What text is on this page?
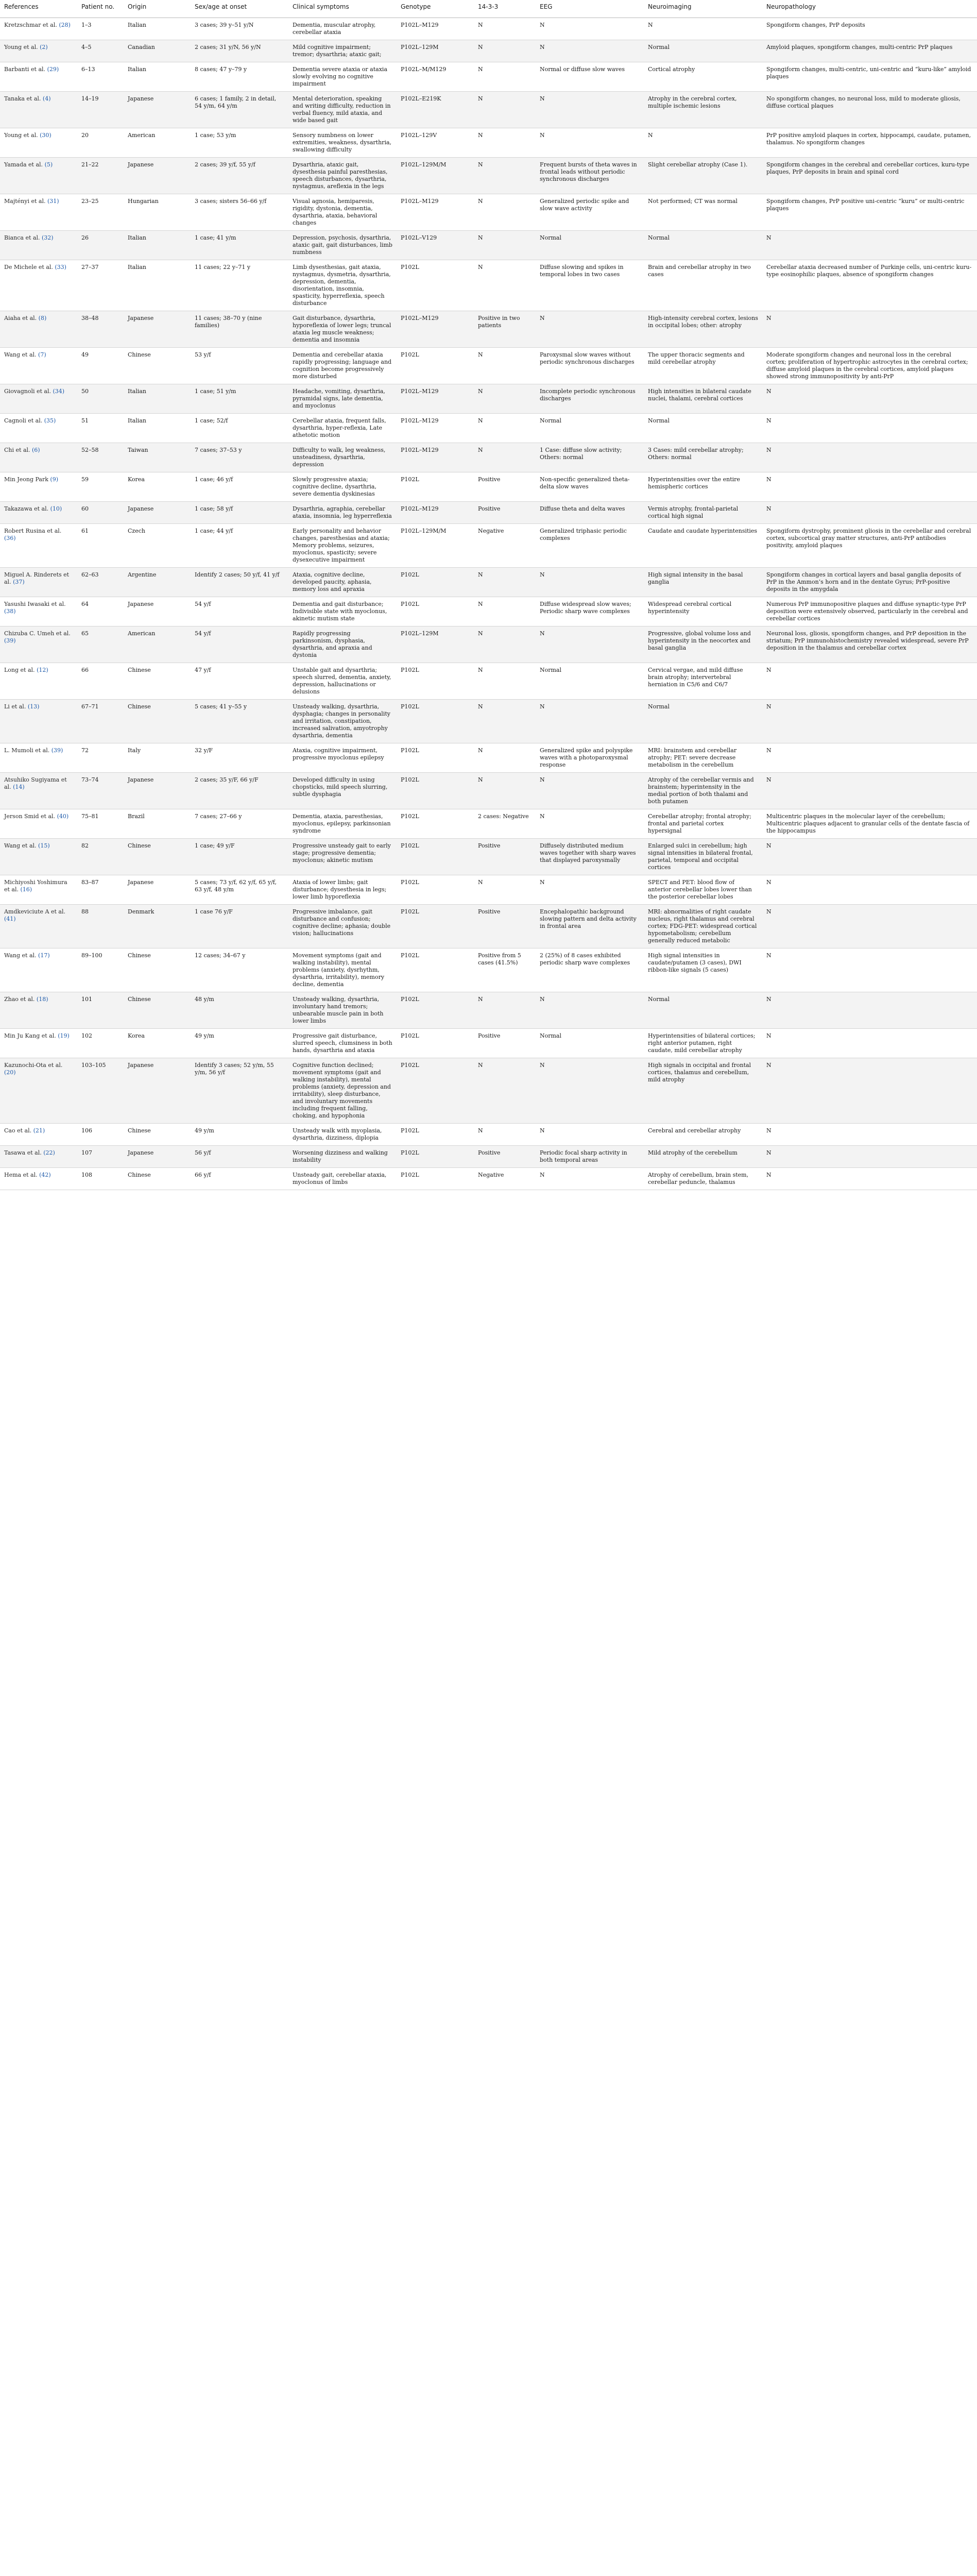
References	Patient no.	Origin	Sex/age at onset	Clinical symptoms	Genotype	14-3-3	EEG	Neuroimaging	Neuropathology
Kretzschmar et al. (28)	1–3	Italian	3 cases; 39 y–51 y/N	Dementia, muscular atrophy, cerebellar ataxia	P102L–M129	N	N	N	Spongiform changes, PrP deposits
Young et al. (2)	4–5	Canadian	2 cases; 31 y/N, 56 y/N	Mild cognitive impairment; tremor; dysarthria; ataxic gait;	P102L–129M	N	N	Normal	Amyloid plaques, spongiform changes, multi-centric PrP plaques
Barbanti et al. (29)	6–13	Italian	8 cases; 47 y–79 y	Dementia severe ataxia or ataxia slowly evolving no cognitive impairment	P102L–M/M129	N	Normal or diffuse slow waves	Cortical atrophy	Spongiform changes, multi-centric, uni-centric and “kuru-like” amyloid plaques
Tanaka et al. (4)	14–19	Japanese	6 cases; 1 family, 2 in detail, 54 y/m, 64 y/m	Mental deterioration, speaking and writing difficulty, reduction in verbal fluency, mild ataxia, and wide based gait	P102L–E219K	N	N	Atrophy in the cerebral cortex, multiple ischemic lesions	No spongiform changes, no neuronal loss, mild to moderate gliosis, diffuse cortical plaques
Young et al. (30)	20	American	1 case; 53 y/m	Sensory numbness on lower extremities, weakness, dysarthria, swallowing difficulty	P102L–129V	N	N	N	PrP positive amyloid plaques in cortex, hippocampi, caudate, putamen, thalamus. No spongiform changes
Yamada et al. (5)	21–22	Japanese	2 cases; 39 y/f, 55 y/f	Dysarthria, ataxic gait, dysesthesia painful paresthesias, speech disturbances, dysarthria, nystagmus, areflexia in the legs	P102L–129M/M	N	Frequent bursts of theta waves in frontal leads without periodic synchronous discharges	Slight cerebellar atrophy (Case 1).	Spongiform changes in the cerebral and cerebellar cortices, kuru-type plaques, PrP deposits in brain and spinal cord
Majtényi et al. (31)	23–25	Hungarian	3 cases; sisters 56–66 y/f	Visual agnosia, hemiparesis, rigidity, dystonia, dementia, dysarthria, ataxia, behavioral changes	P102L–M129	N	Generalized periodic spike and slow wave activity	Not performed; CT was normal	Spongiform changes, PrP positive uni-centric “kuru” or multi-centric plaques
Bianca et al. (32)	26	Italian	1 case; 41 y/m	Depression, psychosis, dysarthria, ataxic gait, gait disturbances, limb numbness	P102L–V129	N	Normal	Normal	N
De Michele et al. (33)	27–37	Italian	11 cases; 22 y–71 y	Limb dysesthesias, gait ataxia, nystagmus, dysmetria, dysarthria, depression, dementia, disorientation, insomnia, spasticity, hyperreflexia, speech disturbance	P102L	N	Diffuse slowing and spikes in temporal lobes in two cases	Brain and cerebellar atrophy in two cases	Cerebellar ataxia decreased number of Purkinje cells, uni-centric kuru-type eosinophilic plaques, absence of spongiform changes
Aiaha et al. (8)	38–48	Japanese	11 cases; 38–70 y (nine families)	Gait disturbance, dysarthria, hyporeflexia of lower legs; truncal ataxia leg muscle weakness; dementia and insomnia	P102L–M129	Positive in two patients	N	High-intensity cerebral cortex, lesions in occipital lobes; other: atrophy	N
Wang et al. (7)	49	Chinese	53 y/f	Dementia and cerebellar ataxia rapidly progressing; language and cognition become progressively more disturbed	P102L	N	Paroxysmal slow waves without periodic synchronous discharges	The upper thoracic segments and mild cerebellar atrophy	Moderate spongiform changes and neuronal loss in the cerebral cortex; proliferation of hypertrophic astrocytes in the cerebral cortex; diffuse amyloid plaques in the cerebral cortices, amyloid plaques showed strong immunopositivity by anti-PrP
Giovagnoli et al. (34)	50	Italian	1 case; 51 y/m	Headache, vomiting, dysarthria, pyramidal signs, late dementia, and myoclonus	P102L–M129	N	Incomplete periodic synchronous discharges	High intensities in bilateral caudate nuclei, thalami, cerebral cortices	N
Cagnoli et al. (35)	51	Italian	1 case; 52/f	Cerebellar ataxia, frequent falls, dysarthria, hyper-reflexia, Late athetotic motion	P102L–M129	N	Normal	Normal	N
Chi et al. (6)	52–58	Taiwan	7 cases; 37–53 y	Difficulty to walk, leg weakness, unsteadiness, dysarthria, depression	P102L–M129	N	1 Case: diffuse slow activity; Others: normal	3 Cases: mild cerebellar atrophy; Others: normal	N
Min Jeong Park (9)	59	Korea	1 case; 46 y/f	Slowly progressive ataxia; cognitive decline, dysarthria, severe dementia dyskinesias	P102L	Positive	Non-specific generalized theta-delta slow waves	Hyperintensities over the entire hemispheric cortices	N
Takazawa et al. (10)	60	Japanese	1 case; 58 y/f	Dysarthria, agraphia, cerebellar ataxia, insomnia, leg hyperreflexia	P102L–M129	Positive	Diffuse theta and delta waves	Vermis atrophy, frontal-parietal cortical high signal	N
Robert Rusina et al. (36)	61	Czech	1 case; 44 y/f	Early personality and behavior changes, paresthesias and ataxia; Memory problems, seizures, myoclonus, spasticity; severe dysexecutive impairment	P102L–129M/M	Negative	Generalized triphasic periodic complexes	Caudate and caudate hyperintensities	Spongiform dystrophy, prominent gliosis in the cerebellar and cerebral cortex, subcortical gray matter structures, anti-PrP antibodies positivity, amyloid plaques
Miguel A. Rinderets et al. (37)	62–63	Argentine	Identify 2 cases; 50 y/f, 41 y/f	Ataxia, cognitive decline, developed paucity, aphasia, memory loss and apraxia	P102L	N	N	High signal intensity in the basal ganglia	Spongiform changes in cortical layers and basal ganglia deposits of PrP in the Ammon’s horn and in the dentate Gyrus; PrP-positive deposits in the amygdala
Yasushi Iwasaki et al. (38)	64	Japanese	54 y/f	Dementia and gait disturbance; Indivisible state with myoclonus, akinetic mutism state	P102L	N	Diffuse widespread slow waves; Periodic sharp wave complexes	Widespread cerebral cortical hyperintensity	Numerous PrP immunopositive plaques and diffuse synaptic-type PrP deposition were extensively observed, particularly in the cerebral and cerebellar cortices
Chizuba C. Umeh et al. (39)	65	American	54 y/f	Rapidly progressing parkinsonism, dysphasia, dysarthria, and apraxia and dystonia	P102L–129M	N	N	Progressive, global volume loss and hyperintensity in the neocortex and basal ganglia	Neuronal loss, gliosis, spongiform changes, and PrP deposition in the striatum; PrP immunohistochemistry revealed widespread, severe PrP deposition in the thalamus and cerebellar cortex
Long et al. (12)	66	Chinese	47 y/f	Unstable gait and dysarthria; speech slurred, dementia, anxiety, depression, hallucinations or delusions	P102L	N	Normal	Cervical vergae, and mild diffuse brain atrophy; intervertebral herniation in C5/6 and C6/7	N
Li et al. (13)	67–71	Chinese	5 cases; 41 y–55 y	Unsteady walking, dysarthria, dysphagia; changes in personality and irritation, constipation, increased salivation, amyotrophy dysarthria, dementia	P102L	N	N	Normal	N
L. Mumoli et al. (39)	72	Italy	32 y/F	Ataxia, cognitive impairment, progressive myoclonus epilepsy	P102L	N	Generalized spike and polyspike waves with a photoparoxysmal response	MRI: brainstem and cerebellar atrophy; PET: severe decrease metabolism in the cerebellum	N
Atsuhiko Sugiyama et al. (14)	73–74	Japanese	2 cases; 35 y/F, 66 y/F	Developed difficulty in using chopsticks, mild speech slurring, subtle dysphagia	P102L	N	N	Atrophy of the cerebellar vermis and brainstem; hyperintensity in the medial portion of both thalami and both putamen	N
Jerson Smid et al. (40)	75–81	Brazil	7 cases; 27–66 y	Dementia, ataxia, paresthesias, myoclonus, epilepsy, parkinsonian syndrome	P102L	2 cases: Negative	N	Cerebellar atrophy; frontal atrophy; frontal and parietal cortex hypersignal	Multicentric plaques in the molecular layer of the cerebellum; Multicentric plaques adjacent to granular cells of the dentate fascia of the hippocampus
Wang et al. (15)	82	Chinese	1 case; 49 y/F	Progressive unsteady gait to early stage; progressive dementia; myoclonus; akinetic mutism	P102L	Positive	Diffusely distributed medium waves together with sharp waves that displayed paroxysmally	Enlarged sulci in cerebellum; high signal intensities in bilateral frontal, parietal, temporal and occipital cortices	N
Michiyoshi Yoshimura et al. (16)	83–87	Japanese	5 cases; 73 y/f, 62 y/f, 65 y/f, 63 y/f, 48 y/m	Ataxia of lower limbs; gait disturbance; dysesthesia in legs; lower limb hyporeflexia	P102L	N	N	SPECT and PET: blood flow of anterior cerebellar lobes lower than the posterior cerebellar lobes	N
Amdkeviciute A et al. (41)	88	Denmark	1 case 76 y/F	Progressive imbalance, gait disturbance and confusion; cognitive decline; aphasia; double vision; hallucinations	P102L	Positive	Encephalopathic background slowing pattern and delta activity in frontal area	MRI: abnormalities of right caudate nucleus, right thalamus and cerebral cortex; FDG-PET: widespread cortical hypometabolism; cerebellum generally reduced metabolic	N
Wang et al. (17)	89–100	Chinese	12 cases; 34–67 y	Movement symptoms (gait and walking instability), mental problems (anxiety, dysrhythm, dysarthria, irritability), memory decline, dementia	P102L	Positive from 5 cases (41.5%)	2 (25%) of 8 cases exhibited periodic sharp wave complexes	High signal intensities in caudate/putamen (3 cases), DWI ribbon-like signals (5 cases)	N
Zhao et al. (18)	101	Chinese	48 y/m	Unsteady walking, dysarthria, involuntary hand tremors; unbearable muscle pain in both lower limbs	P102L	N	N	Normal	N
Min Ju Kang et al. (19)	102	Korea	49 y/m	Progressive gait disturbance, slurred speech, clumsiness in both hands, dysarthria and ataxia	P102L	Positive	Normal	Hyperintensities of bilateral cortices; right anterior putamen, right caudate, mild cerebellar atrophy	N
Kazunochi-Ota et al. (20)	103–105	Japanese	Identify 3 cases; 52 y/m, 55 y/m, 56 y/f	Cognitive function declined; movement symptoms (gait and walking instability), mental problems (anxiety, depression and irritability), sleep disturbance, and involuntary movements including frequent falling, choking, and hypophonia	P102L	N	N	High signals in occipital and frontal cortices, thalamus and cerebellum, mild atrophy	N
Cao et al. (21)	106	Chinese	49 y/m	Unsteady walk with myoplasia, dysarthria, dizziness, diplopia	P102L	N	N	Cerebral and cerebellar atrophy	N
Tasawa et al. (22)	107	Japanese	56 y/f	Worsening dizziness and walking instability	P102L	Positive	Periodic focal sharp activity in both temporal areas	Mild atrophy of the cerebellum	N
Hema et al. (42)	108	Chinese	66 y/f	Unsteady gait, cerebellar ataxia, myoclonus of limbs	P102L	Negative	N	Atrophy of cerebellum, brain stem, cerebellar peduncle, thalamus	N
